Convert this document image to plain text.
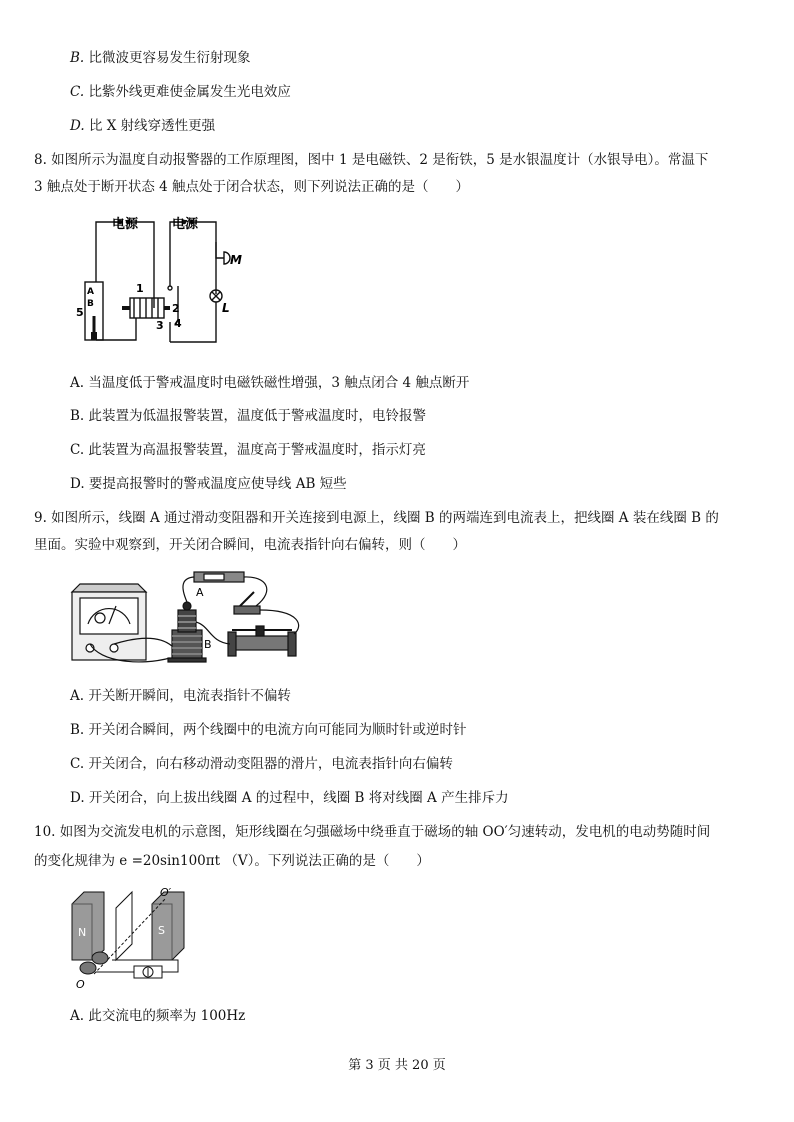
B. 比微波更容易发生衍射现象
C. 比紫外线更难使金属发生光电效应
D. 比 X 射线穿透性更强
8. 如图所示为温度自动报警器的工作原理图，图中 1 是电磁铁、2 是衔铁，5 是水银温度计（水银导电）。常温下
3 触点处于断开状态 4 触点处于闭合状态，则下列说法正确的是（　　）
电源	电源
1
2
3 4
5
A
B
M
L
A. 当温度低于警戒温度时电磁铁磁性增强，3 触点闭合 4 触点断开
B. 此装置为低温报警装置，温度低于警戒温度时，电铃报警
C. 此装置为高温报警装置，温度高于警戒温度时，指示灯亮
D. 要提高报警时的警戒温度应使导线 AB 短些
9. 如图所示，线圈 A 通过滑动变阻器和开关连接到电源上，线圈 B 的两端连到电流表上，把线圈 A 装在线圈 B 的
里面。实验中观察到，开关闭合瞬间，电流表指针向右偏转，则（　　）
A
B
A. 开关断开瞬间，电流表指针不偏转
B. 开关闭合瞬间，两个线圈中的电流方向可能同为顺时针或逆时针
C. 开关闭合，向右移动滑动变阻器的滑片，电流表指针向右偏转
D. 开关闭合，向上拔出线圈 A 的过程中，线圈 B 将对线圈 A 产生排斥力
10. 如图为交流发电机的示意图，矩形线圈在匀强磁场中绕垂直于磁场的轴 OO′匀速转动，发电机的电动势随时间
的变化规律为 e =20sin100πt （V）。下列说法正确的是（　　）
N	S
O′
O
A. 此交流电的频率为 100Hz
第 3 页 共 20 页
